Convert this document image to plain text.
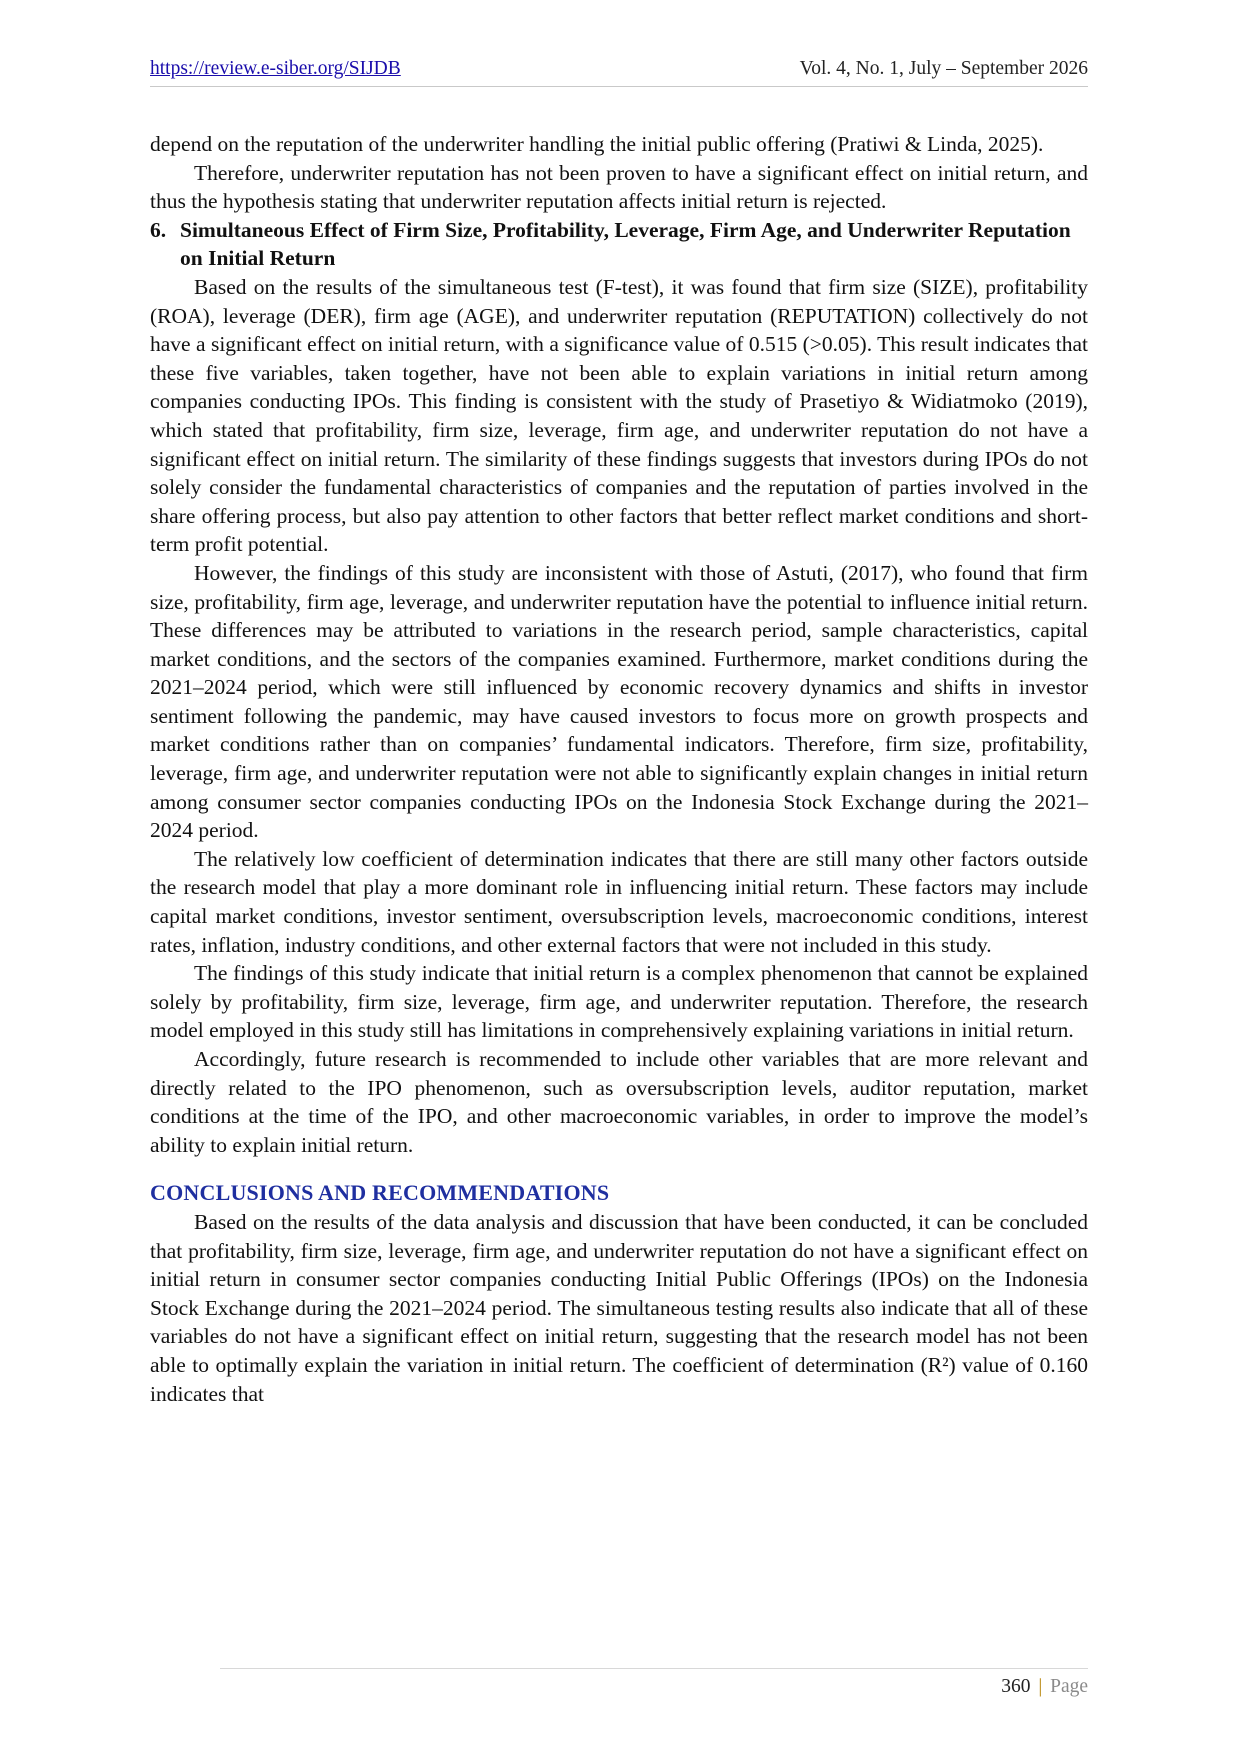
https://review.e-siber.org/SIJDB	Vol. 4, No. 1, July – September 2026

depend on the reputation of the underwriter handling the initial public offering (Pratiwi & Linda, 2025).

Therefore, underwriter reputation has not been proven to have a significant effect on initial return, and thus the hypothesis stating that underwriter reputation affects initial return is rejected.

6. Simultaneous Effect of Firm Size, Profitability, Leverage, Firm Age, and Underwriter Reputation on Initial Return

Based on the results of the simultaneous test (F-test), it was found that firm size (SIZE), profitability (ROA), leverage (DER), firm age (AGE), and underwriter reputation (REPUTATION) collectively do not have a significant effect on initial return, with a significance value of 0.515 (>0.05). This result indicates that these five variables, taken together, have not been able to explain variations in initial return among companies conducting IPOs. This finding is consistent with the study of Prasetiyo & Widiatmoko (2019), which stated that profitability, firm size, leverage, firm age, and underwriter reputation do not have a significant effect on initial return. The similarity of these findings suggests that investors during IPOs do not solely consider the fundamental characteristics of companies and the reputation of parties involved in the share offering process, but also pay attention to other factors that better reflect market conditions and short-term profit potential.

However, the findings of this study are inconsistent with those of Astuti, (2017), who found that firm size, profitability, firm age, leverage, and underwriter reputation have the potential to influence initial return. These differences may be attributed to variations in the research period, sample characteristics, capital market conditions, and the sectors of the companies examined. Furthermore, market conditions during the 2021–2024 period, which were still influenced by economic recovery dynamics and shifts in investor sentiment following the pandemic, may have caused investors to focus more on growth prospects and market conditions rather than on companies’ fundamental indicators. Therefore, firm size, profitability, leverage, firm age, and underwriter reputation were not able to significantly explain changes in initial return among consumer sector companies conducting IPOs on the Indonesia Stock Exchange during the 2021–2024 period.

The relatively low coefficient of determination indicates that there are still many other factors outside the research model that play a more dominant role in influencing initial return. These factors may include capital market conditions, investor sentiment, oversubscription levels, macroeconomic conditions, interest rates, inflation, industry conditions, and other external factors that were not included in this study.

The findings of this study indicate that initial return is a complex phenomenon that cannot be explained solely by profitability, firm size, leverage, firm age, and underwriter reputation. Therefore, the research model employed in this study still has limitations in comprehensively explaining variations in initial return.

Accordingly, future research is recommended to include other variables that are more relevant and directly related to the IPO phenomenon, such as oversubscription levels, auditor reputation, market conditions at the time of the IPO, and other macroeconomic variables, in order to improve the model’s ability to explain initial return.

CONCLUSIONS AND RECOMMENDATIONS

Based on the results of the data analysis and discussion that have been conducted, it can be concluded that profitability, firm size, leverage, firm age, and underwriter reputation do not have a significant effect on initial return in consumer sector companies conducting Initial Public Offerings (IPOs) on the Indonesia Stock Exchange during the 2021–2024 period. The simultaneous testing results also indicate that all of these variables do not have a significant effect on initial return, suggesting that the research model has not been able to optimally explain the variation in initial return. The coefficient of determination (R²) value of 0.160 indicates that

360 | Page
